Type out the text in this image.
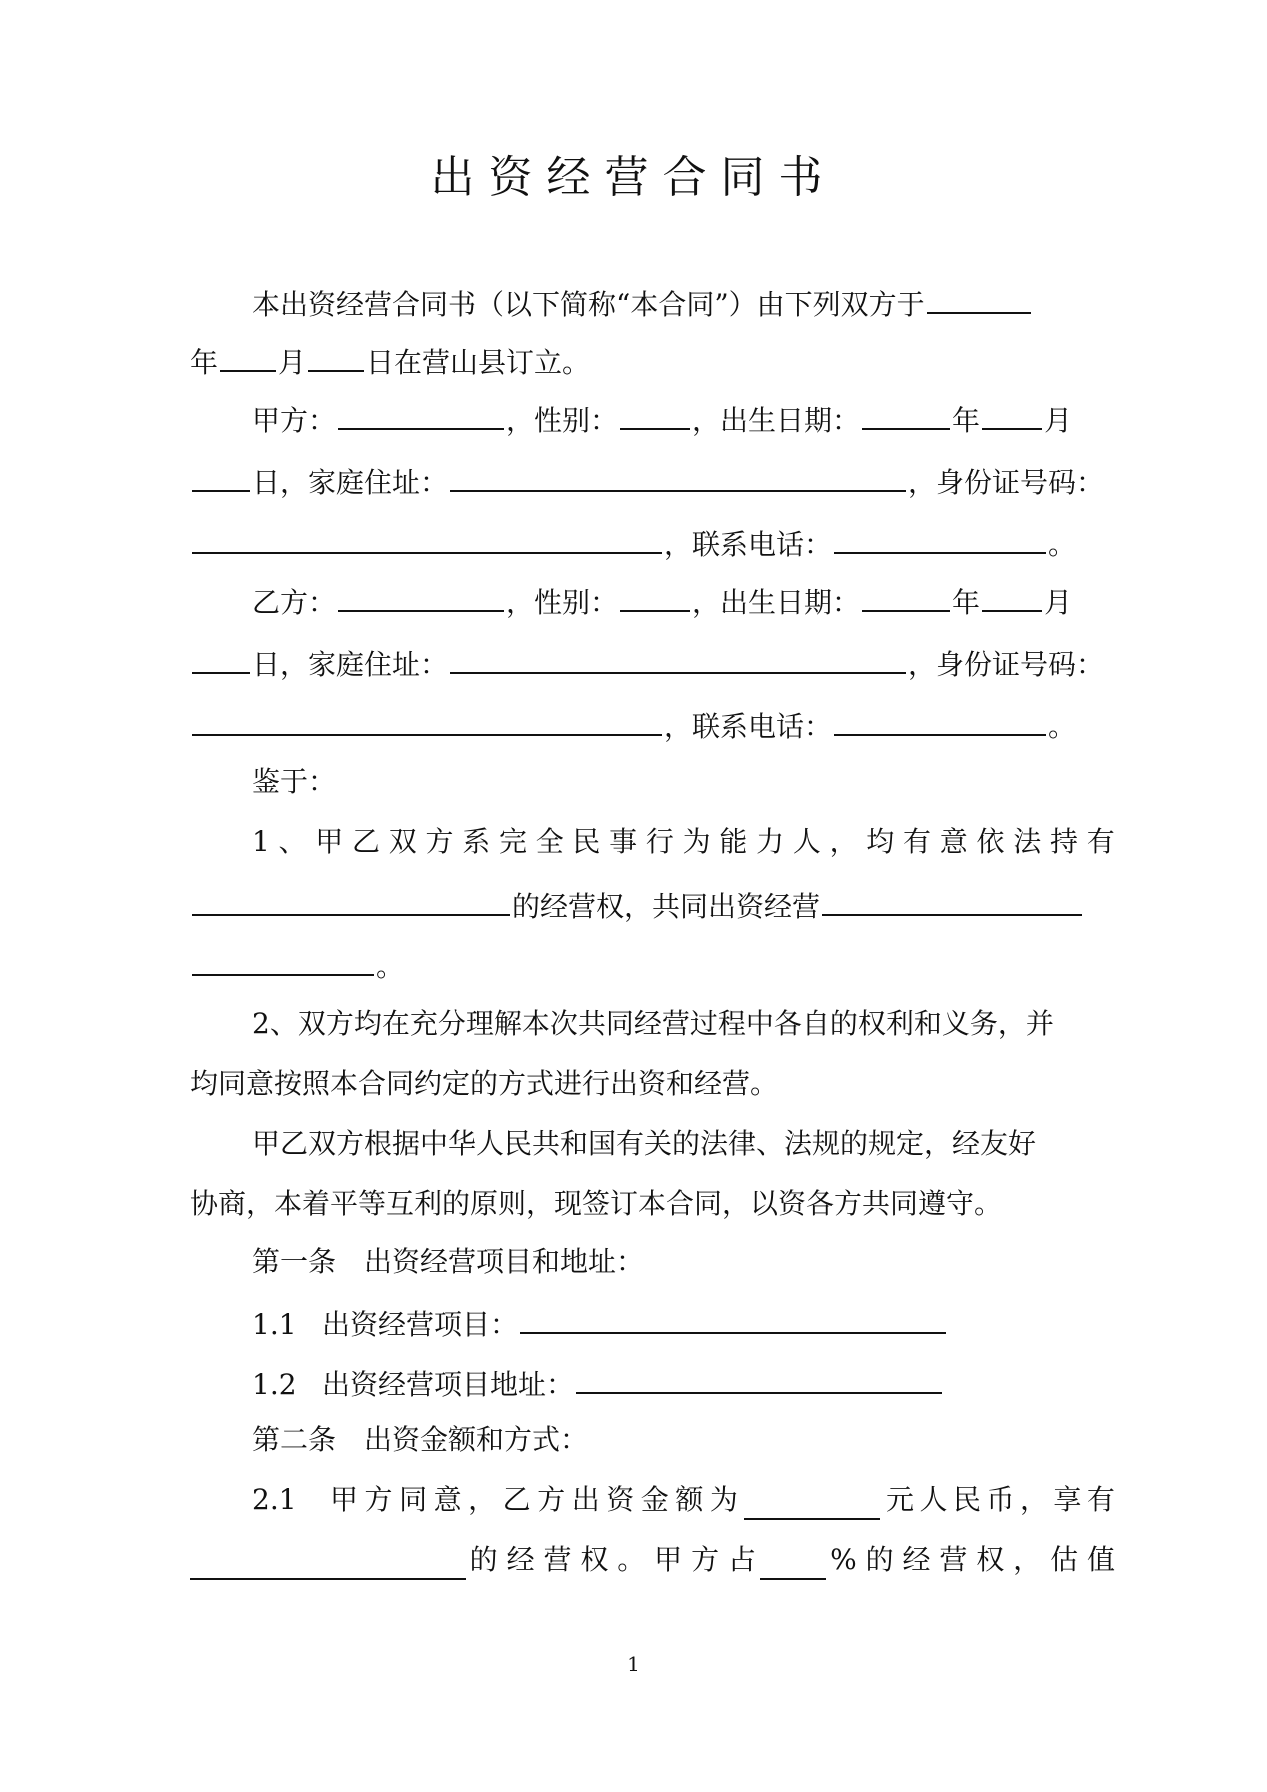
出资经营合同书
本出资经营合同书（以下简称“本合同”）由下列双方于
年 月 日在营山县订立。
甲方：	，性别：	，出生日期：	年 月
日，家庭住址：	，身份证号码：
，联系电话：	。
乙方：	，性别：	，出生日期：	年 月
日，家庭住址：	，身份证号码：
，联系电话：	。
鉴于：
1 、 甲 乙 双 方 系 完 全 民 事 行 为 能 力 人 ， 均 有 意 依 法 持 有
的经营权，共同出资经营
。
2、双方均在充分理解本次共同经营过程中各自的权利和义务，并
均同意按照本合同约定的方式进行出资和经营。
甲乙双方根据中华人民共和国有关的法律、法规的规定，经友好
协商，本着平等互利的原则，现签订本合同，以资各方共同遵守。
第一条　出资经营项目和地址：
1.1 出资经营项目：
1.2 出资经营项目地址：
第二条　出资金额和方式：
2.1	甲 方 同 意 ， 乙 方 出 资 金 额 为	元 人 民 币 ， 享 有
的 经 营 权 。 甲 方 占	% 的 经 营 权 ， 估 值
1
